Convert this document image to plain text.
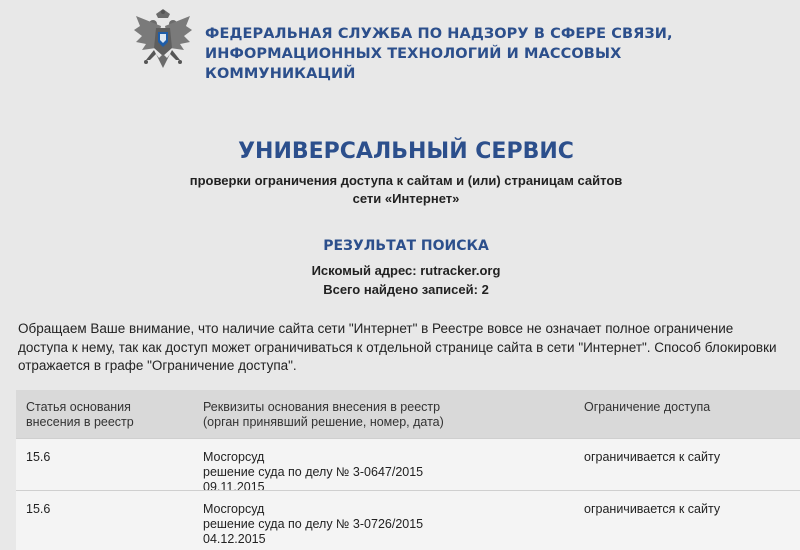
ФЕДЕРАЛЬНАЯ СЛУЖБА ПО НАДЗОРУ В СФЕРЕ СВЯЗИ,
ИНФОРМАЦИОННЫХ ТЕХНОЛОГИЙ И МАССОВЫХ КОММУНИКАЦИЙ
УНИВЕРСАЛЬНЫЙ СЕРВИС
проверки ограничения доступа к сайтам и (или) страницам сайтов
сети «Интернет»
РЕЗУЛЬТАТ ПОИСКА
Искомый адрес: rutracker.org
Всего найдено записей: 2
Обращаем Ваше внимание, что наличие сайта сети "Интернет" в Реестре вовсе не означает полное ограничение
доступа к нему, так как доступ может ограничиваться к отдельной странице сайта в сети "Интернет". Способ блокировки
отражается в графе "Ограничение доступа".
Статья основания
внесения в реестр
Реквизиты основания внесения в реестр
(орган принявший решение, номер, дата)
Ограничение доступа
15.6	Мосгорсуд
решение суда по делу № 3-0647/2015
09.11.2015
ограничивается к сайту
15.6	Мосгорсуд
решение суда по делу № 3-0726/2015
04.12.2015
ограничивается к сайту
